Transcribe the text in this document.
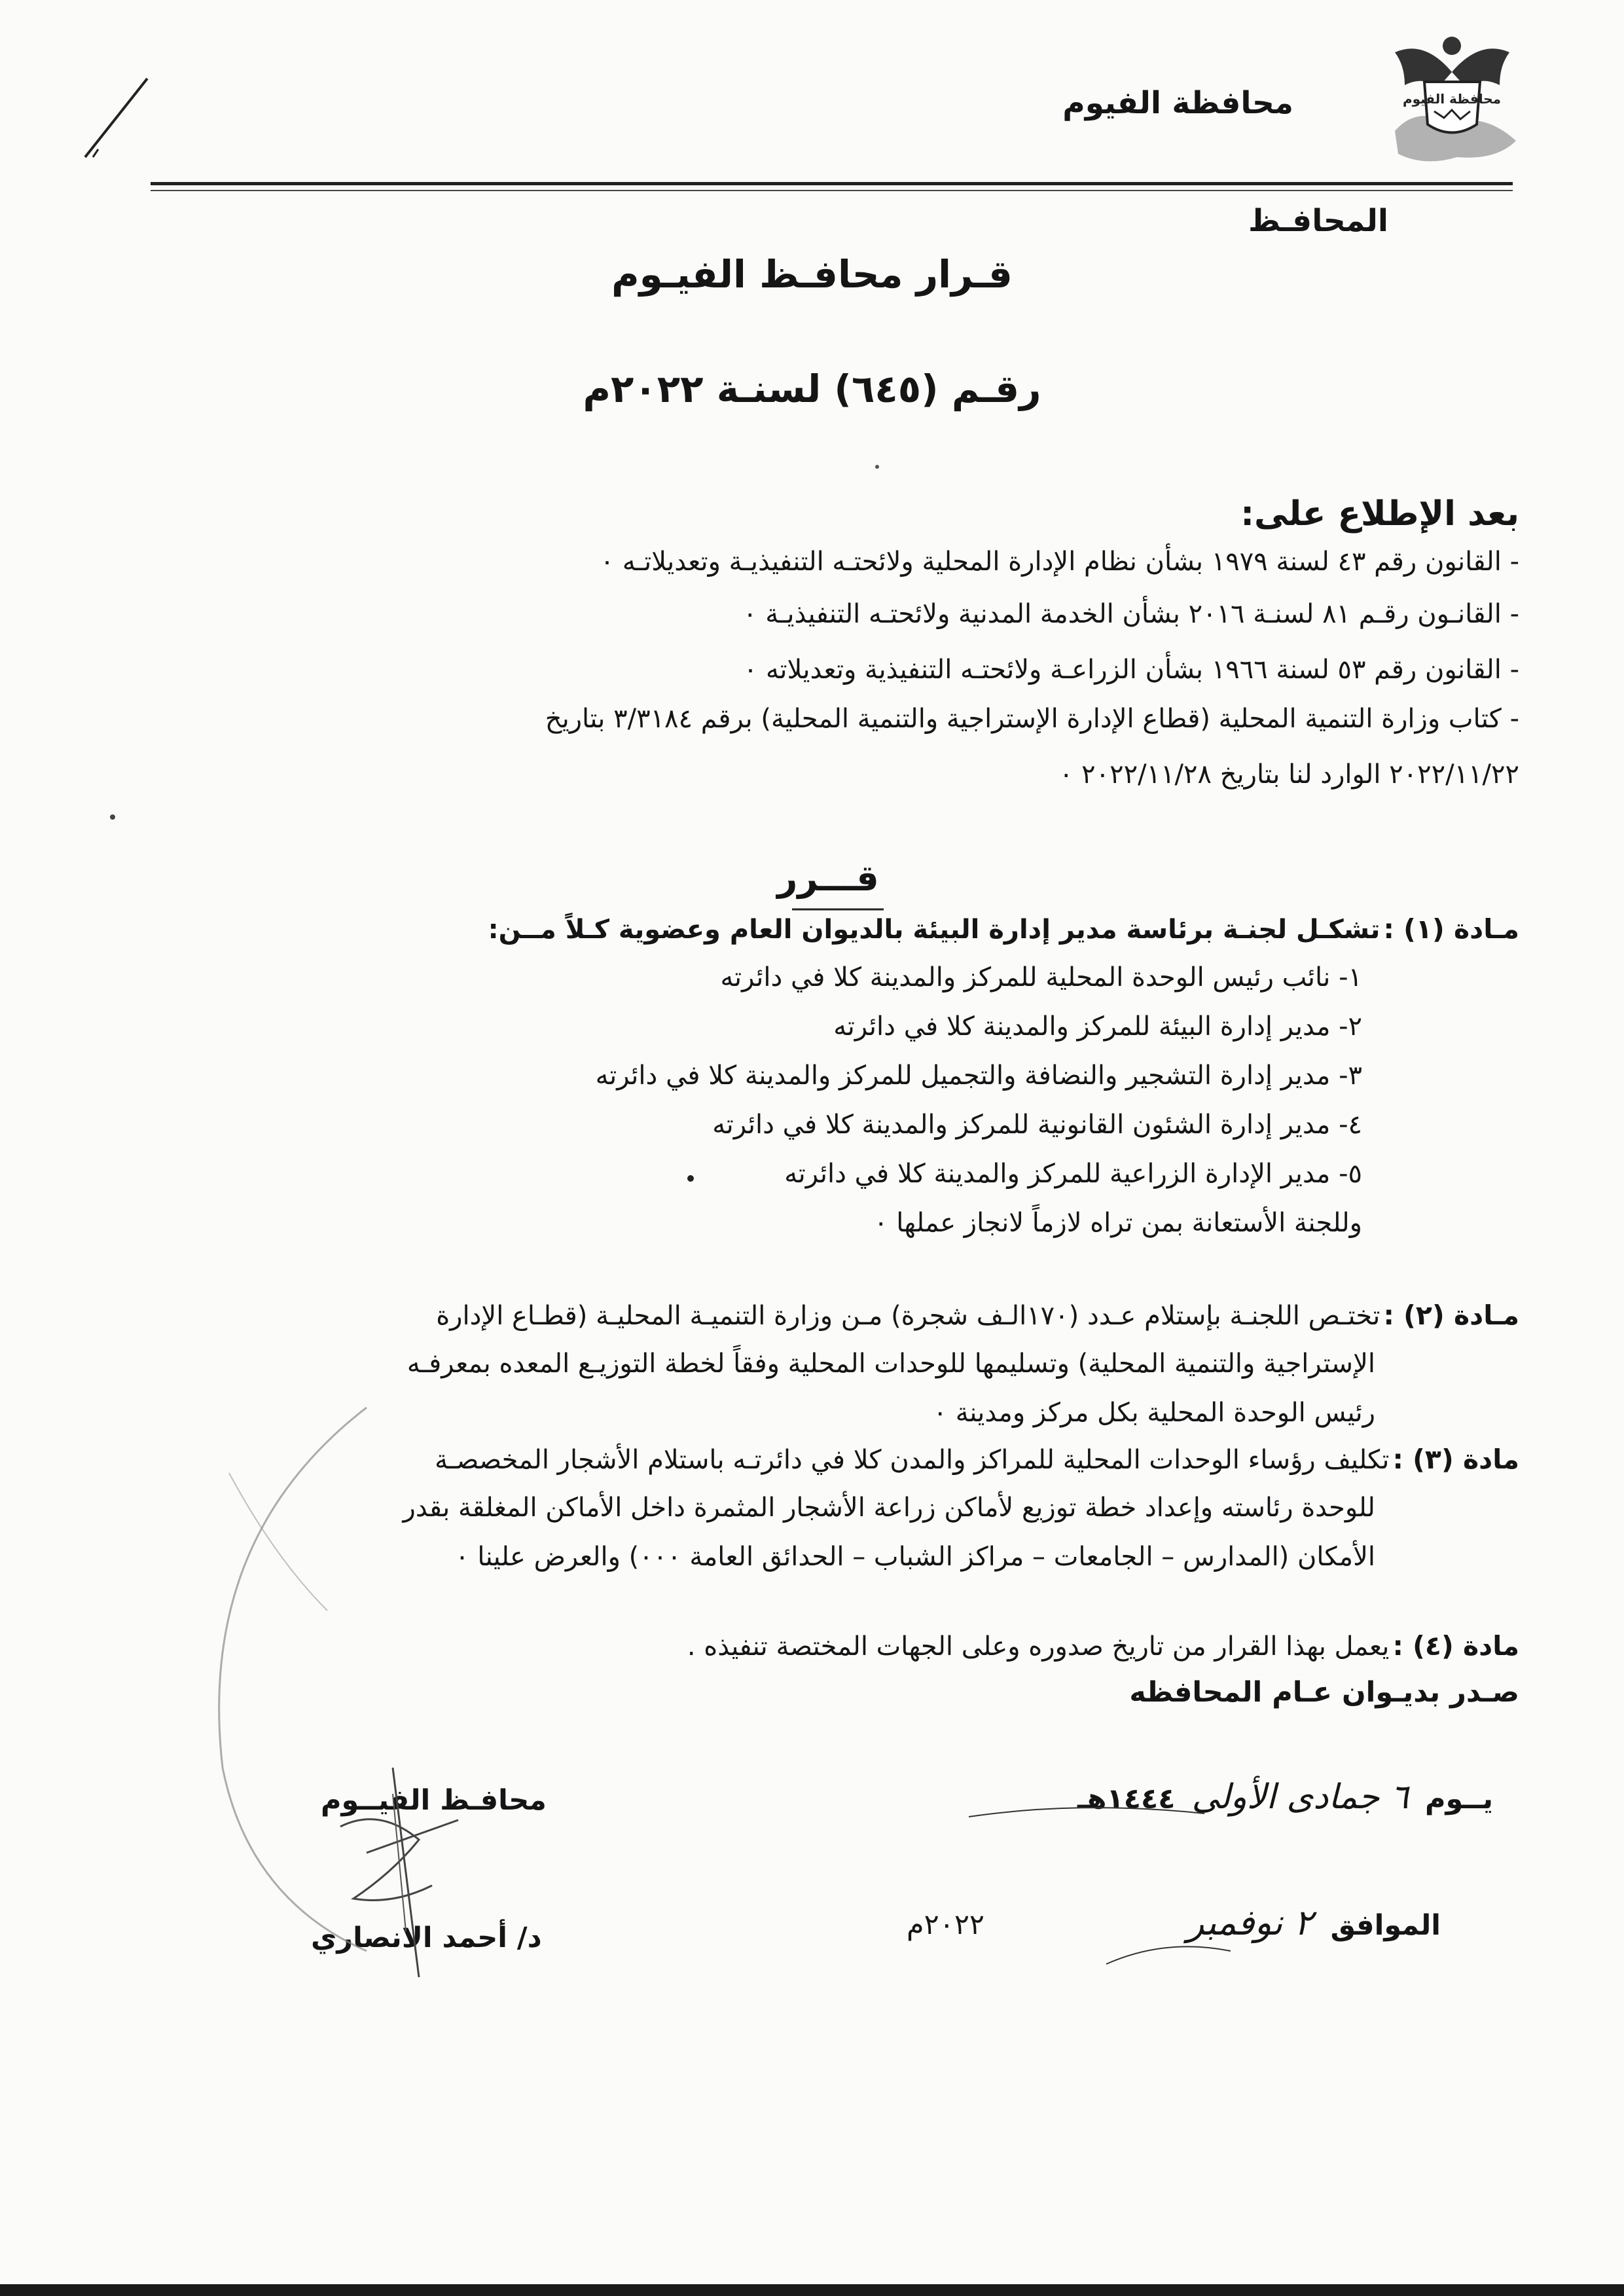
محافظة الفيوم
محافظة الفيوم
المحافـظ
قـرار محافـظ الفيـوم
رقـم (٦٤٥) لسنـة ٢٠٢٢م
بعد الإطلاع على:
- القانون رقم ٤٣ لسنة ١٩٧٩ بشأن نظام الإدارة المحلية ولائحتـه التنفيذيـة وتعديلاتـه ٠
- القانـون رقـم ٨١ لسنـة ٢٠١٦ بشأن الخدمة المدنية ولائحتـه التنفيذيـة ٠
- القانون رقم ٥٣ لسنة ١٩٦٦ بشأن الزراعـة ولائحتـه التنفيذية وتعديلاته ٠
- كتاب وزارة التنمية المحلية (قطاع الإدارة الإستراجية والتنمية المحلية) برقم ٣/٣١٨٤ بتاريخ
٢٠٢٢/١١/٢٢ الوارد لنا بتاريخ ٢٠٢٢/١١/٢٨ ٠
قـــرر
مـادة (١) : تشكـل لجنـة برئاسة مدير إدارة البيئة بالديوان العام وعضوية كـلاً مــن:
١- نائب رئيس الوحدة المحلية للمركز والمدينة كلا في دائرته
٢- مدير إدارة البيئة للمركز والمدينة كلا في دائرته
٣- مدير إدارة التشجير والنضافة والتجميل للمركز والمدينة كلا في دائرته
٤- مدير إدارة الشئون القانونية للمركز والمدينة كلا في دائرته
٥- مدير الإدارة الزراعية للمركز والمدينة كلا في دائرته
وللجنة الأستعانة بمن تراه لازماً لانجاز عملها ٠
مـادة (٢) : تختـص اللجنـة بإستلام عـدد (١٧٠الـف شجرة) مـن وزارة التنميـة المحليـة (قطـاع الإدارة
الإستراجية والتنمية المحلية) وتسليمها للوحدات المحلية وفقاً لخطة التوزيـع المعده بمعرفـه
رئيس الوحدة المحلية بكل مركز ومدينة ٠
مادة (٣) : تكليف رؤساء الوحدات المحلية للمراكز والمدن كلا في دائرتـه باستلام الأشجار المخصصـة
للوحدة رئاسته وإعداد خطة توزيع لأماكن زراعة الأشجار المثمرة داخل الأماكن المغلقة بقدر
الأمكان (المدارس – الجامعات – مراكز الشباب – الحدائق العامة ٠٠٠) والعرض علينا ٠
مادة (٤) : يعمل بهذا القرار من تاريخ صدوره وعلى الجهات المختصة تنفيذه .
صـدر بديـوان عـام المحافظه
يــوم ٦ جمادى الأولى ١٤٤٤هـ
محافـظ الفيــوم
الموافق ٢ نوفمبر
٢٠٢٢م
د/ أحمد الانصاري
